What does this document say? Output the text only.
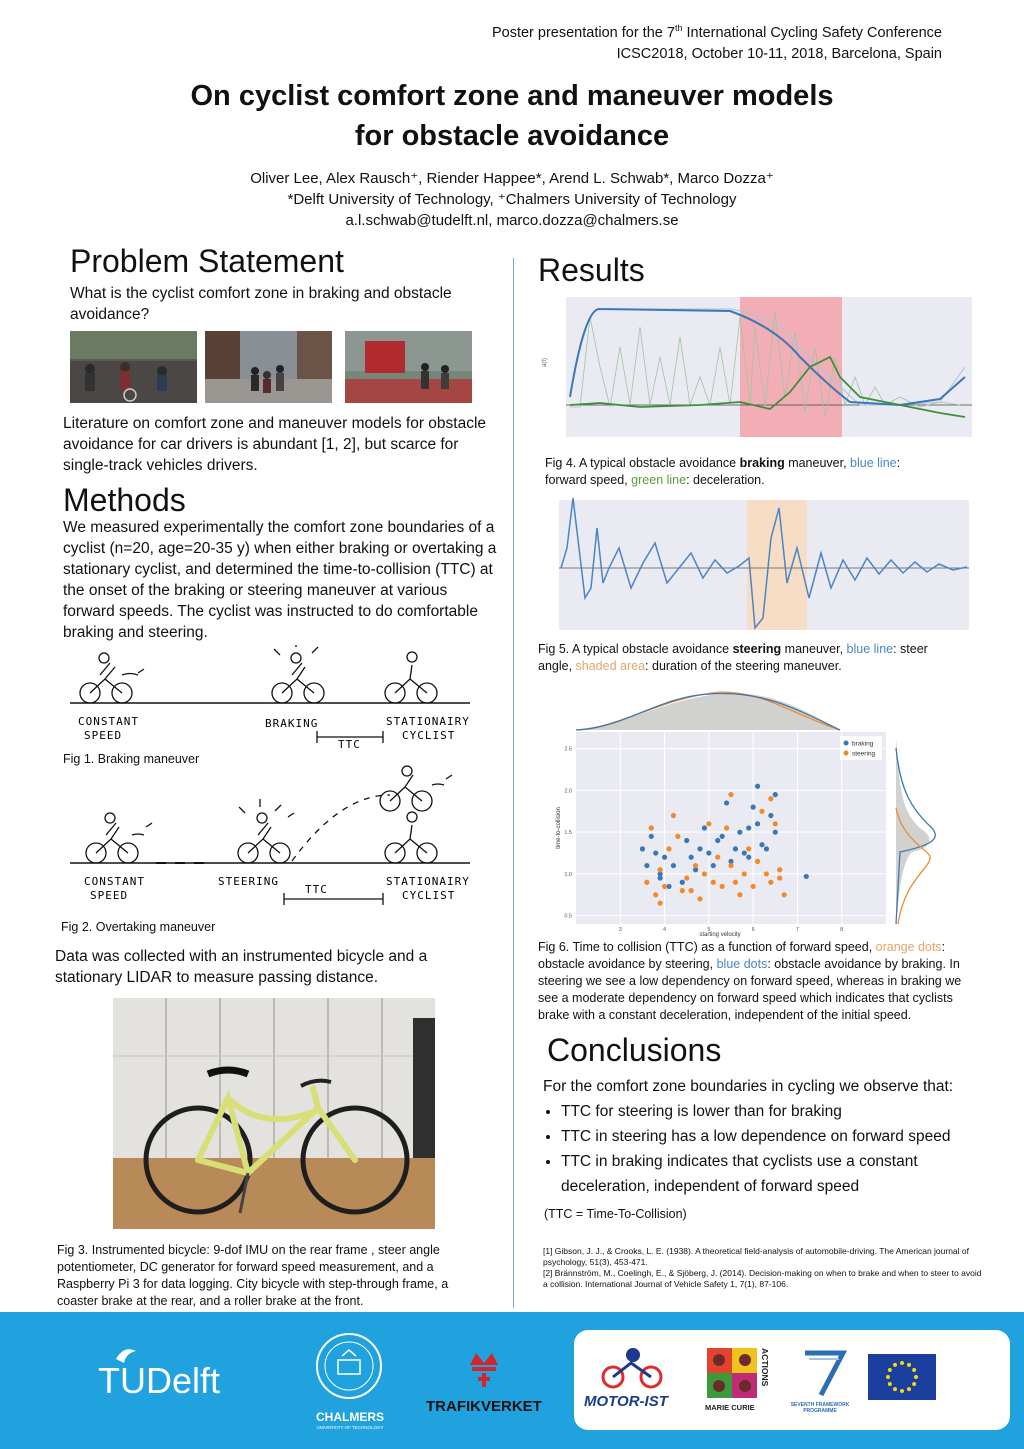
Poster presentation for the 7th International Cycling Safety Conference
ICSC2018, October 10-11, 2018, Barcelona, Spain
On cyclist comfort zone and maneuver models
for obstacle avoidance
Oliver Lee, Alex Rausch⁺, Riender Happee*, Arend L. Schwab*, Marco Dozza⁺
*Delft University of Technology, ⁺Chalmers University of Technology
a.l.schwab@tudelft.nl, marco.dozza@chalmers.se
Problem Statement
What is the cyclist comfort zone in braking and obstacle avoidance?
Literature on comfort zone and maneuver models for obstacle avoidance for car drivers is abundant [1, 2], but scarce for single-track vehicles drivers.
Methods
We measured experimentally the comfort zone boundaries of a cyclist (n=20, age=20-35 y) when either braking or overtaking a stationary cyclist, and determined the time-to-collision (TTC) at the onset of the braking or steering maneuver at various forward speeds. The cyclist was instructed to do comfortable braking and steering.
CONSTANT
SPEED
BRAKING	STATIONAIRY
CYCLIST
TTC
Fig 1. Braking maneuver
CONSTANT
SPEED
STEERING	STATIONAIRY
CYCLIST
TTC
Fig 2. Overtaking maneuver
Data was collected with an instrumented bicycle and a stationary LIDAR to measure passing distance.
Fig 3. Instrumented bicycle: 9-dof IMU on the rear frame , steer angle potentiometer, DC generator for forward speed measurement, and a Raspberry Pi 3 for data logging. City bicycle with step-through frame, a coaster brake at the rear, and a roller brake at the front.
Results
a(t)
Fig 4. A typical obstacle avoidance braking maneuver, blue line: forward speed, green line: deceleration.
Fig 5. A typical obstacle avoidance steering maneuver, blue line: steer angle, shaded area: duration of the steering maneuver.
3	4	5	6	7	8
0.5
1.0
1.5
2.0
2.5
braking
steering
starting velocity
time-to-collision
Fig 6. Time to collision (TTC) as a function of forward speed, orange dots: obstacle avoidance by steering, blue dots: obstacle avoidance by braking. In steering we see a low dependency on forward speed, whereas in braking we see a moderate dependency on forward speed which indicates that cyclists brake with a constant deceleration, independent of the initial speed.
Conclusions
For the comfort zone boundaries in cycling we observe that:
• TTC for steering is lower than for braking
• TTC in steering has a low dependence on forward speed
• TTC in braking indicates that cyclists use a constant deceleration, independent of forward speed
(TTC = Time-To-Collision)
[1] Gibson, J. J., & Crooks, L. E. (1938). A theoretical field-analysis of automobile-driving. The American journal of psychology, 51(3), 453-471.
[2] Brännström, M., Coelingh, E., & Sjöberg, J. (2014). Decision-making on when to brake and when to steer to avoid a collision. International Journal of Vehicle Safety 1, 7(1), 87-106.
TUDelft
CHALMERS
UNIVERSITY OF TECHNOLOGY
TRAFIKVERKET	MOTOR-IST
ACTIONS
MARIE CURIE	SEVENTH FRAMEWORK PROGRAMME
